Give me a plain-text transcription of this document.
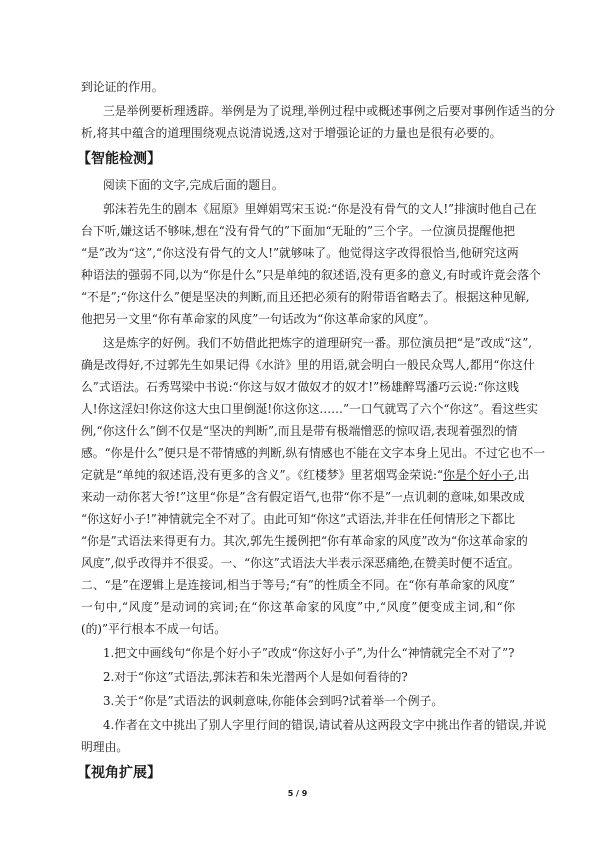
到论证的作用。
三是举例要析理透辟。举例是为了说理,举例过程中或概述事例之后要对事例作适当的分
析,将其中蕴含的道理围绕观点说清说透,这对于增强论证的力量也是很有必要的。
【智能检测】
阅读下面的文字,完成后面的题目。
郭沫若先生的剧本《屈原》里婵娟骂宋玉说:“你是没有骨气的文人!”排演时他自己在
台下听,嫌这话不够味,想在“没有骨气的”下面加“无耻的”三个字。一位演员提醒他把
“是”改为“这”,“你这没有骨气的文人!”就够味了。他觉得这字改得很恰当,他研究这两
种语法的强弱不同,以为“你是什么”只是单纯的叙述语,没有更多的意义,有时或许竟会落个
“不是”;“你这什么”便是坚决的判断,而且还把必须有的附带语省略去了。根据这种见解,
他把另一文里“你有革命家的风度”一句话改为“你这革命家的风度”。
这是炼字的好例。我们不妨借此把炼字的道理研究一番。那位演员把“是”改成“这”,
确是改得好,不过郭先生如果记得《水浒》里的用语,就会明白一般民众骂人,都用“你这什
么”式语法。石秀骂梁中书说:“你这与奴才做奴才的奴才!”杨雄醉骂潘巧云说:“你这贱
人!你这淫妇!你这你这大虫口里倒涎!你这你这……”一口气就骂了六个“你这”。看这些实
例,“你这什么”倒不仅是“坚决的判断”,而且是带有极端憎恶的惊叹语,表现着强烈的情
感。“你是什么”便只是不带情感的判断,纵有情感也不能在文字本身上见出。不过它也不一
定就是“单纯的叙述语,没有更多的含义”。《红楼梦》里茗烟骂金荣说:“你是个好小子,出
来动一动你茗大爷!”这里“你是”含有假定语气,也带“你不是”一点讥刺的意味,如果改成
“你这好小子!”神情就完全不对了。由此可知“你这”式语法,并非在任何情形之下都比
“你是”式语法来得更有力。其次,郭先生援例把“你有革命家的风度”改为“你这革命家的
风度”,似乎改得并不很妥。一、“你这”式语法大半表示深恶痛绝,在赞美时便不适宜。
二、“是”在逻辑上是连接词,相当于等号;“有”的性质全不同。在“你有革命家的风度”
一句中,“风度”是动词的宾词;在“你这革命家的风度”中,“风度”便变成主词,和“你
(的)”平行根本不成一句话。
1.把文中画线句“你是个好小子”改成“你这好小子”,为什么“神情就完全不对了”?
2.对于“你这”式语法,郭沫若和朱光潜两个人是如何看待的?
3.关于“你是”式语法的讽刺意味,你能体会到吗?试着举一个例子。
4.作者在文中挑出了别人字里行间的错误,请试着从这两段文字中挑出作者的错误,并说
明理由。
【视角扩展】
5 / 9
